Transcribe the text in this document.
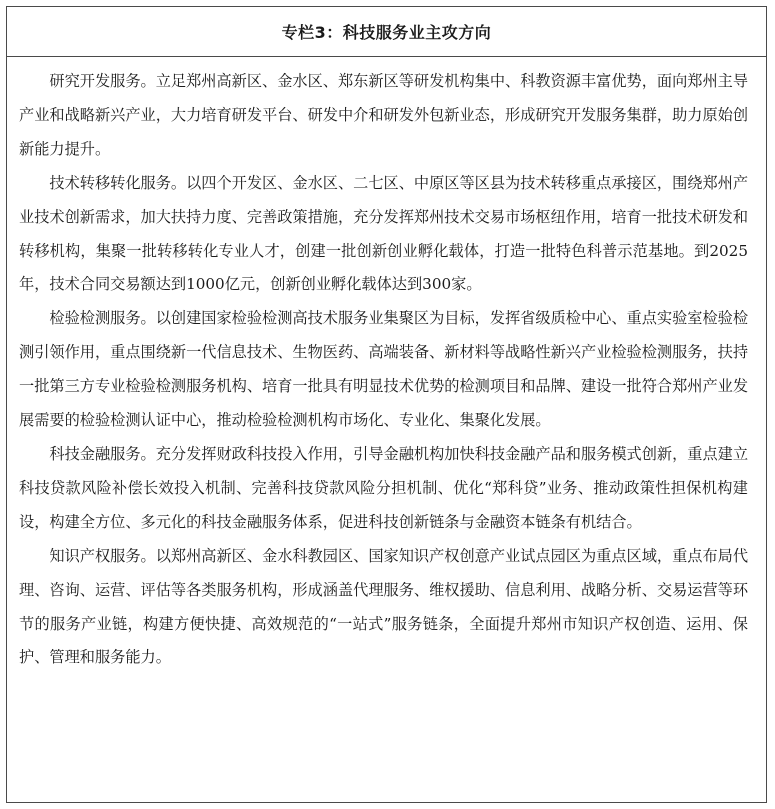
专栏3：科技服务业主攻方向

研究开发服务。立足郑州高新区、金水区、郑东新区等研发机构集中、科教资源丰富优势，面向郑州主导产业和战略新兴产业，大力培育研发平台、研发中介和研发外包新业态，形成研究开发服务集群，助力原始创新能力提升。

技术转移转化服务。以四个开发区、金水区、二七区、中原区等区县为技术转移重点承接区，围绕郑州产业技术创新需求，加大扶持力度、完善政策措施，充分发挥郑州技术交易市场枢纽作用，培育一批技术研发和转移机构，集聚一批转移转化专业人才，创建一批创新创业孵化载体，打造一批特色科普示范基地。到2025年，技术合同交易额达到1000亿元，创新创业孵化载体达到300家。

检验检测服务。以创建国家检验检测高技术服务业集聚区为目标，发挥省级质检中心、重点实验室检验检测引领作用，重点围绕新一代信息技术、生物医药、高端装备、新材料等战略性新兴产业检验检测服务，扶持一批第三方专业检验检测服务机构、培育一批具有明显技术优势的检测项目和品牌、建设一批符合郑州产业发展需要的检验检测认证中心，推动检验检测机构市场化、专业化、集聚化发展。

科技金融服务。充分发挥财政科技投入作用，引导金融机构加快科技金融产品和服务模式创新，重点建立科技贷款风险补偿长效投入机制、完善科技贷款风险分担机制、优化“郑科贷”业务、推动政策性担保机构建设，构建全方位、多元化的科技金融服务体系，促进科技创新链条与金融资本链条有机结合。

知识产权服务。以郑州高新区、金水科教园区、国家知识产权创意产业试点园区为重点区域，重点布局代理、咨询、运营、评估等各类服务机构，形成涵盖代理服务、维权援助、信息利用、战略分析、交易运营等环节的服务产业链，构建方便快捷、高效规范的“一站式”服务链条，全面提升郑州市知识产权创造、运用、保护、管理和服务能力。
